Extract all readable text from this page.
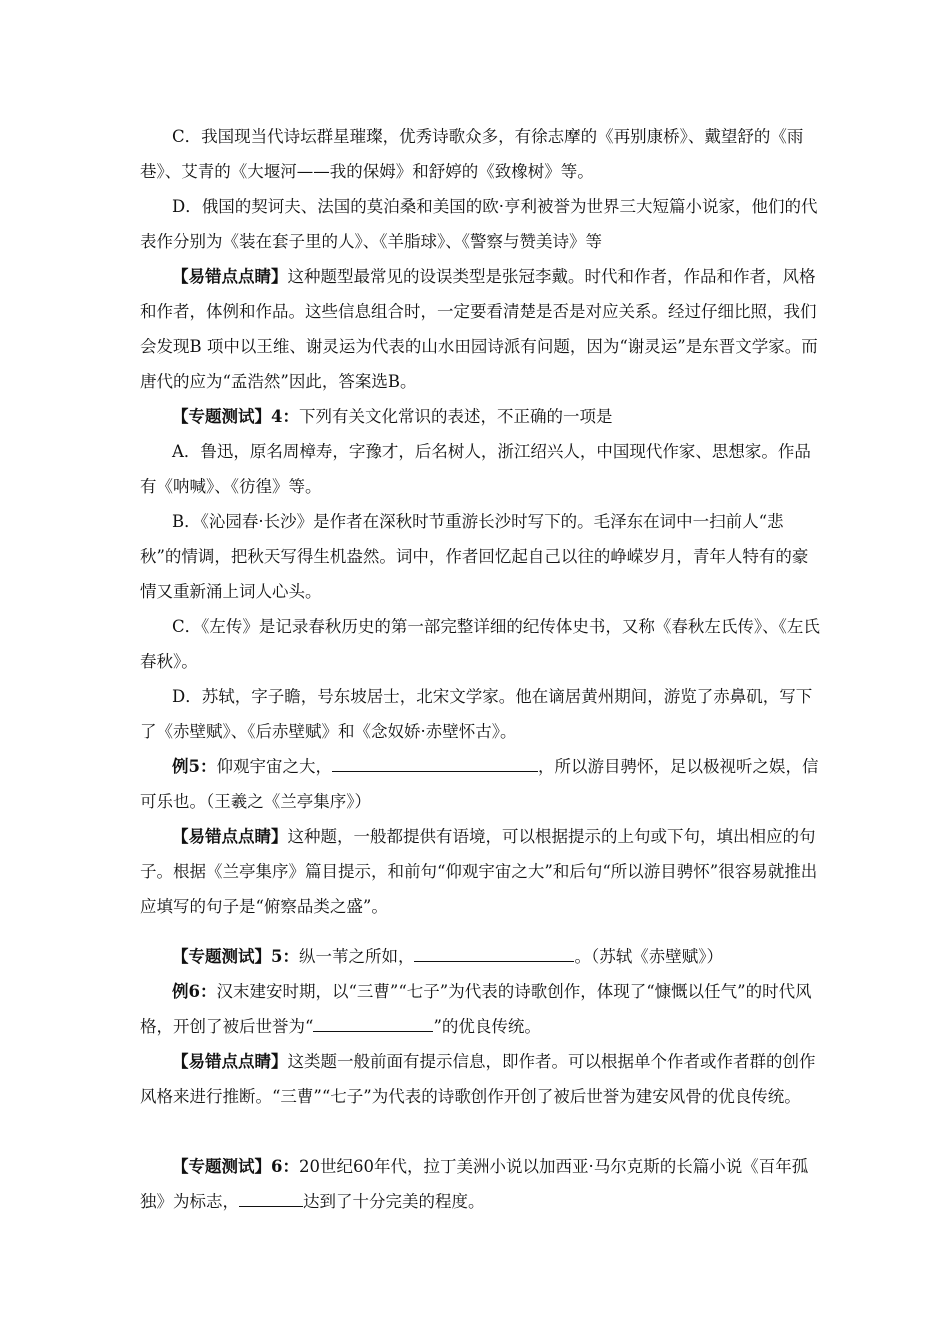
C．我国现当代诗坛群星璀璨，优秀诗歌众多，有徐志摩的《再别康桥》、戴望舒的《雨巷》、艾青的《大堰河——我的保姆》和舒婷的《致橡树》等。

D．俄国的契诃夫、法国的莫泊桑和美国的欧·亨利被誉为世界三大短篇小说家，他们的代表作分别为《装在套子里的人》、《羊脂球》、《警察与赞美诗》等

【易错点点睛】这种题型最常见的设误类型是张冠李戴。时代和作者，作品和作者，风格和作者，体例和作品。这些信息组合时，一定要看清楚是否是对应关系。经过仔细比照，我们会发现B 项中以王维、谢灵运为代表的山水田园诗派有问题，因为“谢灵运”是东晋文学家。而唐代的应为“孟浩然”因此，答案选B。

【专题测试】4：下列有关文化常识的表述，不正确的一项是

A．鲁迅，原名周樟寿，字豫才，后名树人，浙江绍兴人，中国现代作家、思想家。作品有《呐喊》、《彷徨》等。

B．《沁园春·长沙》是作者在深秋时节重游长沙时写下的。毛泽东在词中一扫前人“悲秋”的情调，把秋天写得生机盎然。词中，作者回忆起自己以往的峥嵘岁月，青年人特有的豪情又重新涌上词人心头。

C．《左传》是记录春秋历史的第一部完整详细的纪传体史书，又称《春秋左氏传》、《左氏春秋》。

D．苏轼，字子瞻，号东坡居士，北宋文学家。他在谪居黄州期间，游览了赤鼻矶，写下了《赤壁赋》、《后赤壁赋》和《念奴娇·赤壁怀古》。

例5：仰观宇宙之大，	，所以游目骋怀，足以极视听之娱，信可乐也。（王羲之《兰亭集序》）

【易错点点睛】这种题，一般都提供有语境，可以根据提示的上句或下句，填出相应的句子。根据《兰亭集序》篇目提示，和前句“仰观宇宙之大”和后句“所以游目骋怀”很容易就推出应填写的句子是“俯察品类之盛”。

【专题测试】5：纵一苇之所如，	。（苏轼《赤壁赋》）

例6：汉末建安时期，以“三曹”“七子”为代表的诗歌创作，体现了“慷慨以任气”的时代风格，开创了被后世誉为“	”的优良传统。

【易错点点睛】这类题一般前面有提示信息，即作者。可以根据单个作者或作者群的创作风格来进行推断。“三曹”“七子”为代表的诗歌创作开创了被后世誉为建安风骨的优良传统。

【专题测试】6：20世纪60年代，拉丁美洲小说以加西亚·马尔克斯的长篇小说《百年孤独》为标志，	达到了十分完美的程度。
